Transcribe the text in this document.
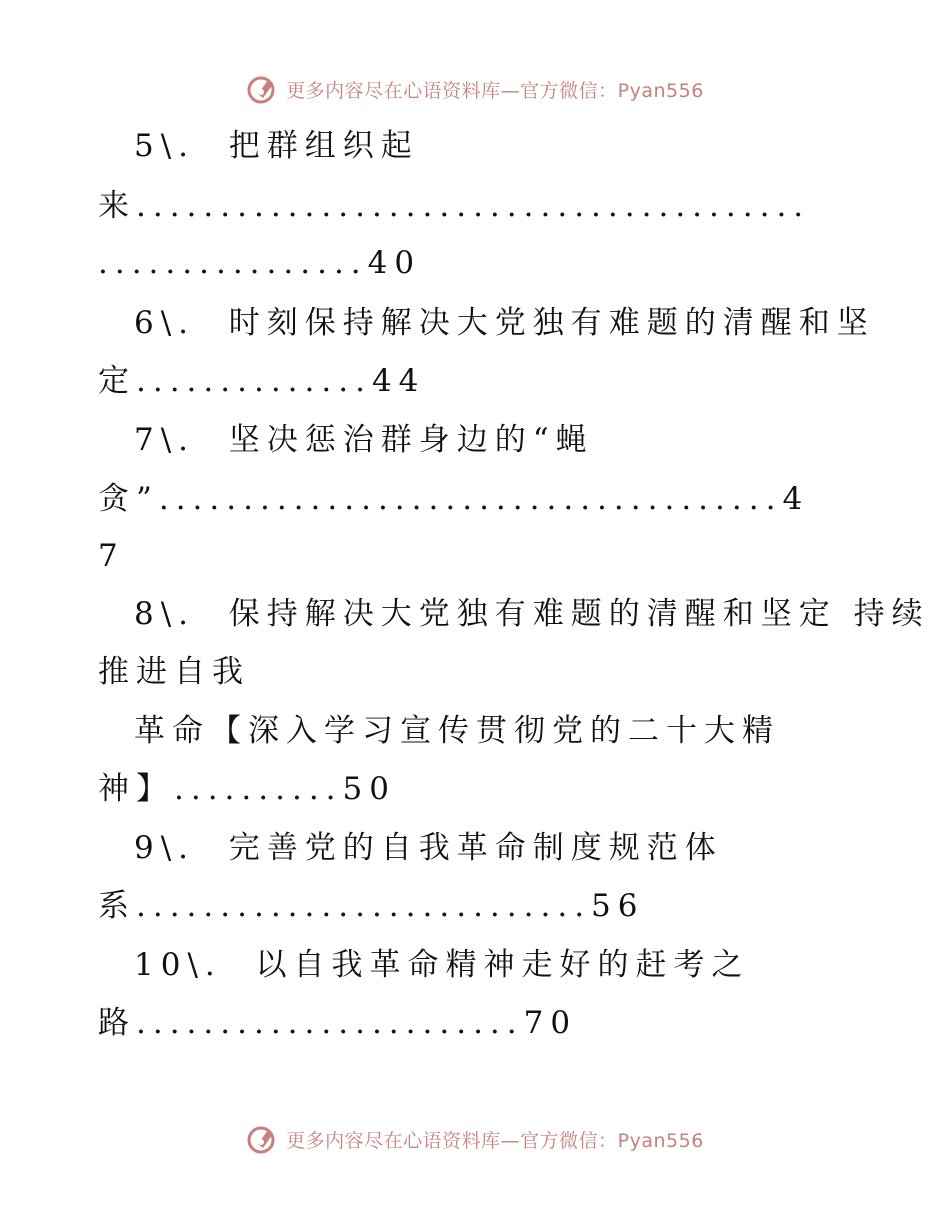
更多内容尽在心语资料库—官方微信：Pyan556
5\.  把群组织起
来........................................
................40
6\.  时刻保持解决大党独有难题的清醒和坚
定..............44
7\.  坚决惩治群身边的“蝇
贪”.....................................4
7
8\.  保持解决大党独有难题的清醒和坚定 持续
推进自我
革命【深入学习宣传贯彻党的二十大精
神】..........50
9\.  完善党的自我革命制度规范体
系...........................56
10\.  以自我革命精神走好的赶考之
路.......................70
更多内容尽在心语资料库—官方微信：Pyan556
